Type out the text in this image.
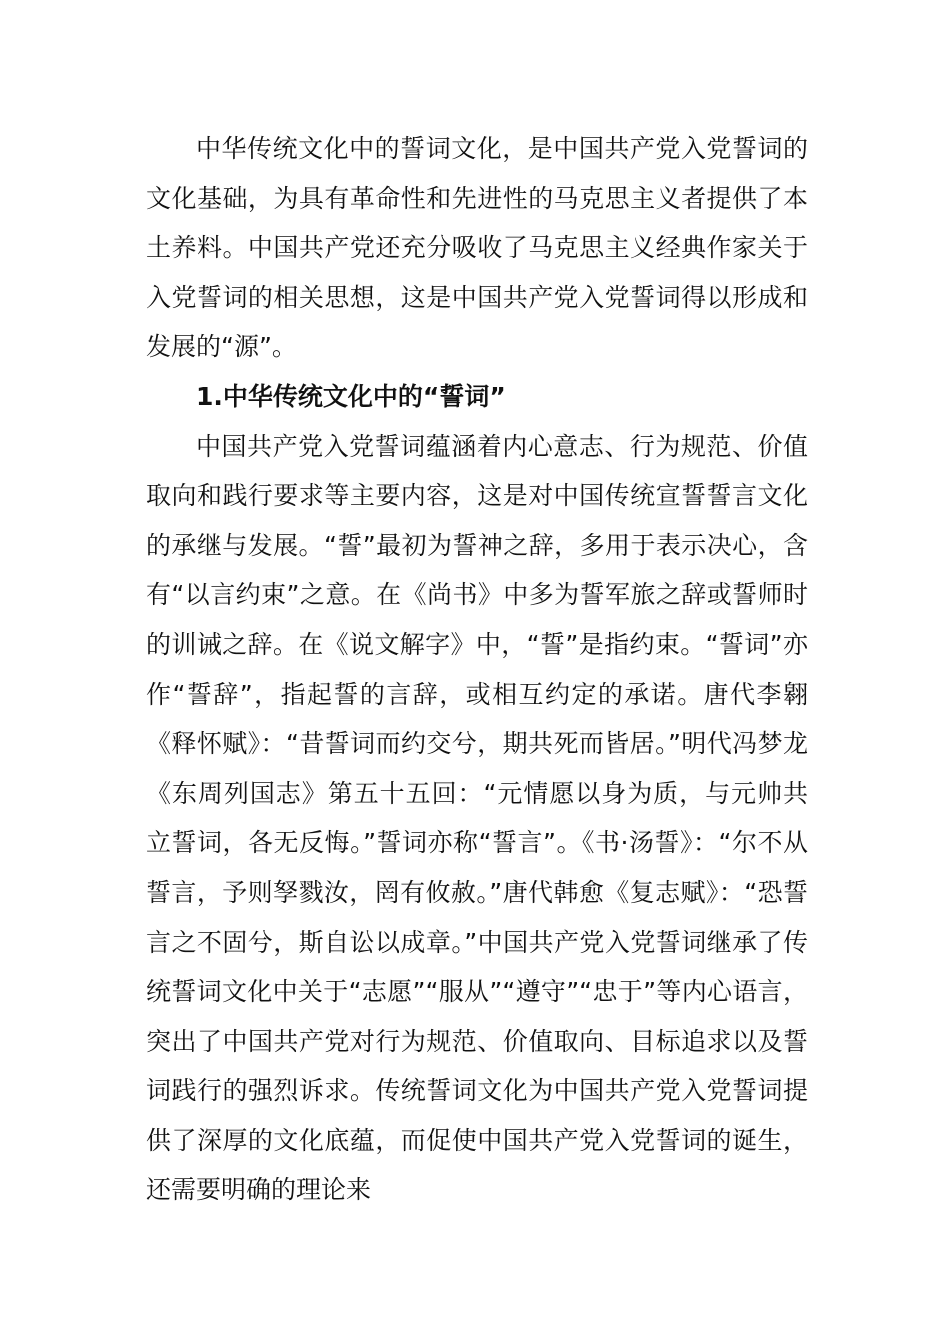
中华传统文化中的誓词文化，是中国共产党入党誓词的文化基础，为具有革命性和先进性的马克思主义者提供了本土养料。中国共产党还充分吸收了马克思主义经典作家关于入党誓词的相关思想，这是中国共产党入党誓词得以形成和发展的“源”。

1.中华传统文化中的“誓词”

中国共产党入党誓词蕴涵着内心意志、行为规范、价值取向和践行要求等主要内容，这是对中国传统宣誓誓言文化的承继与发展。“誓”最初为誓神之辞，多用于表示决心，含有“以言约束”之意。在《尚书》中多为誓军旅之辞或誓师时的训诫之辞。在《说文解字》中，“誓”是指约束。“誓词”亦作“誓辞”，指起誓的言辞，或相互约定的承诺。唐代李翱《释怀赋》：“昔誓词而约交兮，期共死而皆居。”明代冯梦龙《东周列国志》第五十五回：“元情愿以身为质，与元帅共立誓词，各无反悔。”誓词亦称“誓言”。《书·汤誓》：“尔不从誓言，予则孥戮汝，罔有攸赦。”唐代韩愈《复志赋》：“恐誓言之不固兮，斯自讼以成章。”中国共产党入党誓词继承了传统誓词文化中关于“志愿”“服从”“遵守”“忠于”等内心语言，突出了中国共产党对行为规范、价值取向、目标追求以及誓词践行的强烈诉求。传统誓词文化为中国共产党入党誓词提供了深厚的文化底蕴，而促使中国共产党入党誓词的诞生，还需要明确的理论来
